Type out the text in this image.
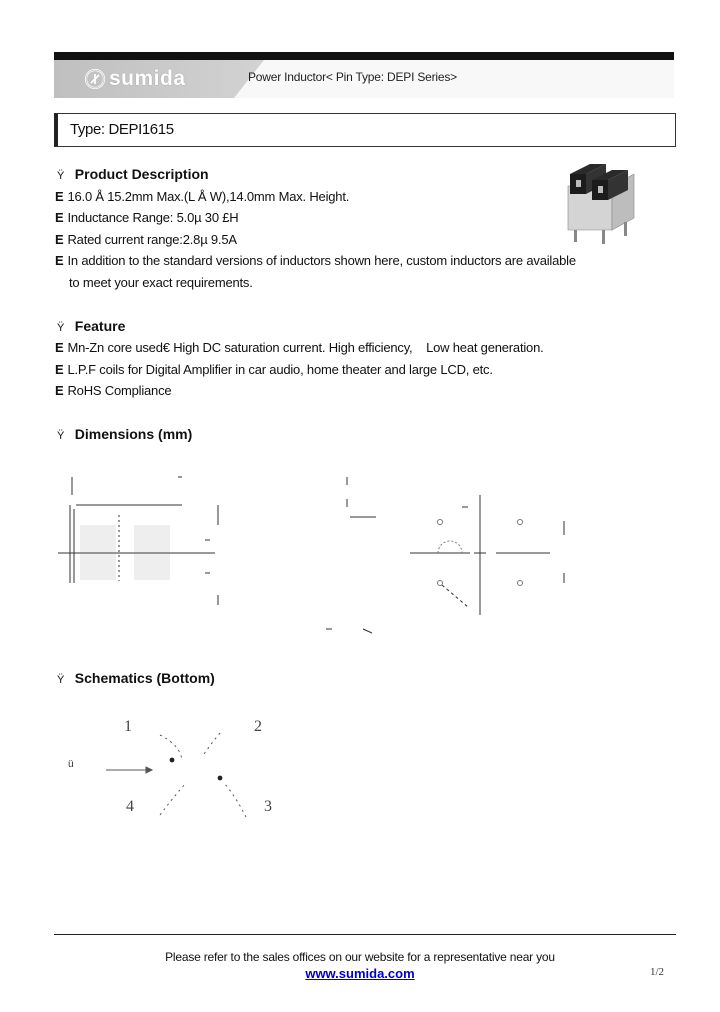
sumida	Power Inductor< Pin Type: DEPI Series>
Type: DEPI1615
Ÿ Product Description
E 16.0 Å 15.2mm Max.(L Å W),14.0mm Max. Height.
E Inductance Range: 5.0µ 30 £H
E Rated current range:2.8µ 9.5A
E In addition to the standard versions of inductors shown here, custom inductors are available
to meet your exact requirements.
Ÿ Feature
E Mn-Zn core used€ High DC saturation current. High efficiency,    Low heat generation.
E L.P.F coils for Digital Amplifier in car audio, home theater and large LCD, etc.
E RoHS Compliance
Ÿ Dimensions (mm)
Ÿ Schematics (Bottom)
ü
1	2
3
4
Please refer to the sales offices on our website for a representative near you
www.sumida.com	1/2
